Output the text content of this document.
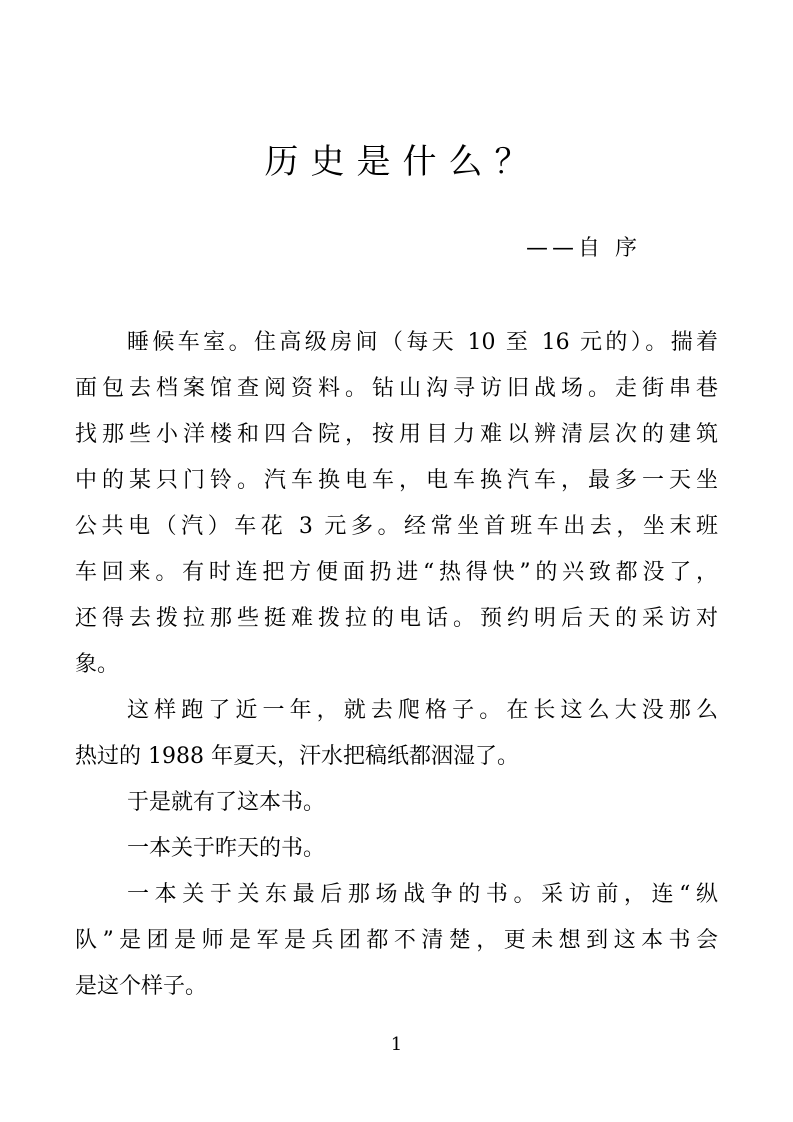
历史是什么？
——自 序
睡候车室。住高级房间（每天 10 至 16 元的）。揣着
面包去档案馆查阅资料。钻山沟寻访旧战场。走街串巷
找那些小洋楼和四合院，按用目力难以辨清层次的建筑
中的某只门铃。汽车换电车，电车换汽车，最多一天坐
公共电（汽）车花 3 元多。经常坐首班车出去，坐末班
车回来。有时连把方便面扔进“热得快”的兴致都没了，
还得去拨拉那些挺难拨拉的电话。预约明后天的采访对
象。
这样跑了近一年，就去爬格子。在长这么大没那么
热过的 1988 年夏天，汗水把稿纸都洇湿了。
于是就有了这本书。
一本关于昨天的书。
一本关于关东最后那场战争的书。采访前，连“纵
队”是团是师是军是兵团都不清楚，更未想到这本书会
是这个样子。
1
